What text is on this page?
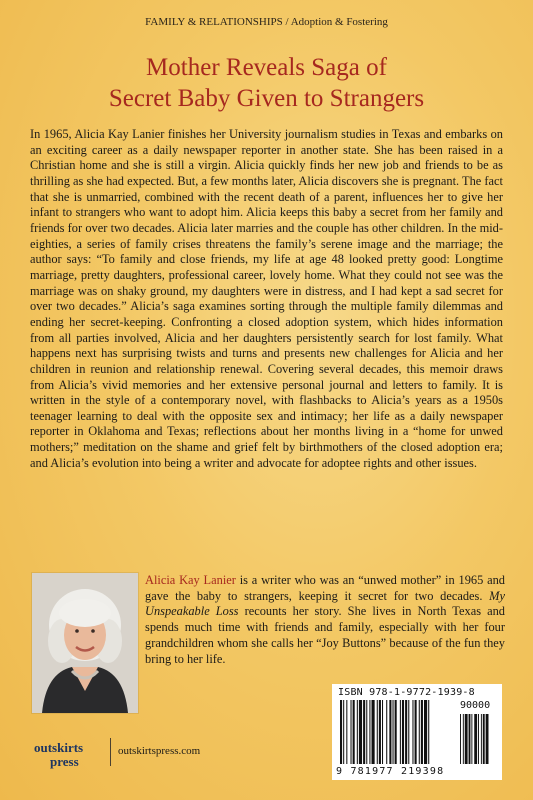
FAMILY & RELATIONSHIPS / Adoption & Fostering
Mother Reveals Saga of
Secret Baby Given to Strangers

In 1965, Alicia Kay Lanier finishes her University journalism studies in Texas and embarks on an exciting career as a daily newspaper reporter in another state. She has been raised in a Christian home and she is still a virgin. Alicia quickly finds her new job and friends to be as thrilling as she had expected. But, a few months later, Alicia discovers she is pregnant. The fact that she is unmarried, combined with the recent death of a parent, influences her to give her infant to strangers who want to adopt him. Alicia keeps this baby a secret from her family and friends for over two decades. Alicia later marries and the couple has other children. In the mid-eighties, a series of family crises threatens the family’s serene image and the marriage; the author says: “To family and close friends, my life at age 48 looked pretty good: Longtime marriage, pretty daughters, professional career, lovely home. What they could not see was the marriage was on shaky ground, my daughters were in distress, and I had kept a sad secret for over two decades.” Alicia’s saga examines sorting through the multiple family dilemmas and ending her secret-keeping. Confronting a closed adoption system, which hides information from all parties involved, Alicia and her daughters persistently search for lost family. What happens next has surprising twists and turns and presents new challenges for Alicia and her children in reunion and relationship renewal. Covering several decades, this memoir draws from Alicia’s vivid memories and her extensive personal journal and letters to family. It is written in the style of a contemporary novel, with flashbacks to Alicia’s years as a 1950s teenager learning to deal with the opposite sex and intimacy; her life as a daily newspaper reporter in Oklahoma and Texas; reflections about her months living in a “home for unwed mothers;” meditation on the shame and grief felt by birthmothers of the closed adoption era; and Alicia’s evolution into being a writer and advocate for adoptee rights and other issues.

Alicia Kay Lanier is a writer who was an “unwed mother” in 1965 and gave the baby to strangers, keeping it secret for two decades. My Unspeakable Loss recounts her story. She lives in North Texas and spends much time with friends and family, especially with her four grandchildren whom she calls her “Joy Buttons” because of the fun they bring to her life.

outskirts
press
outskirtspress.com
ISBN 978-1-9772-1939-8
90000
9 781977 219398
